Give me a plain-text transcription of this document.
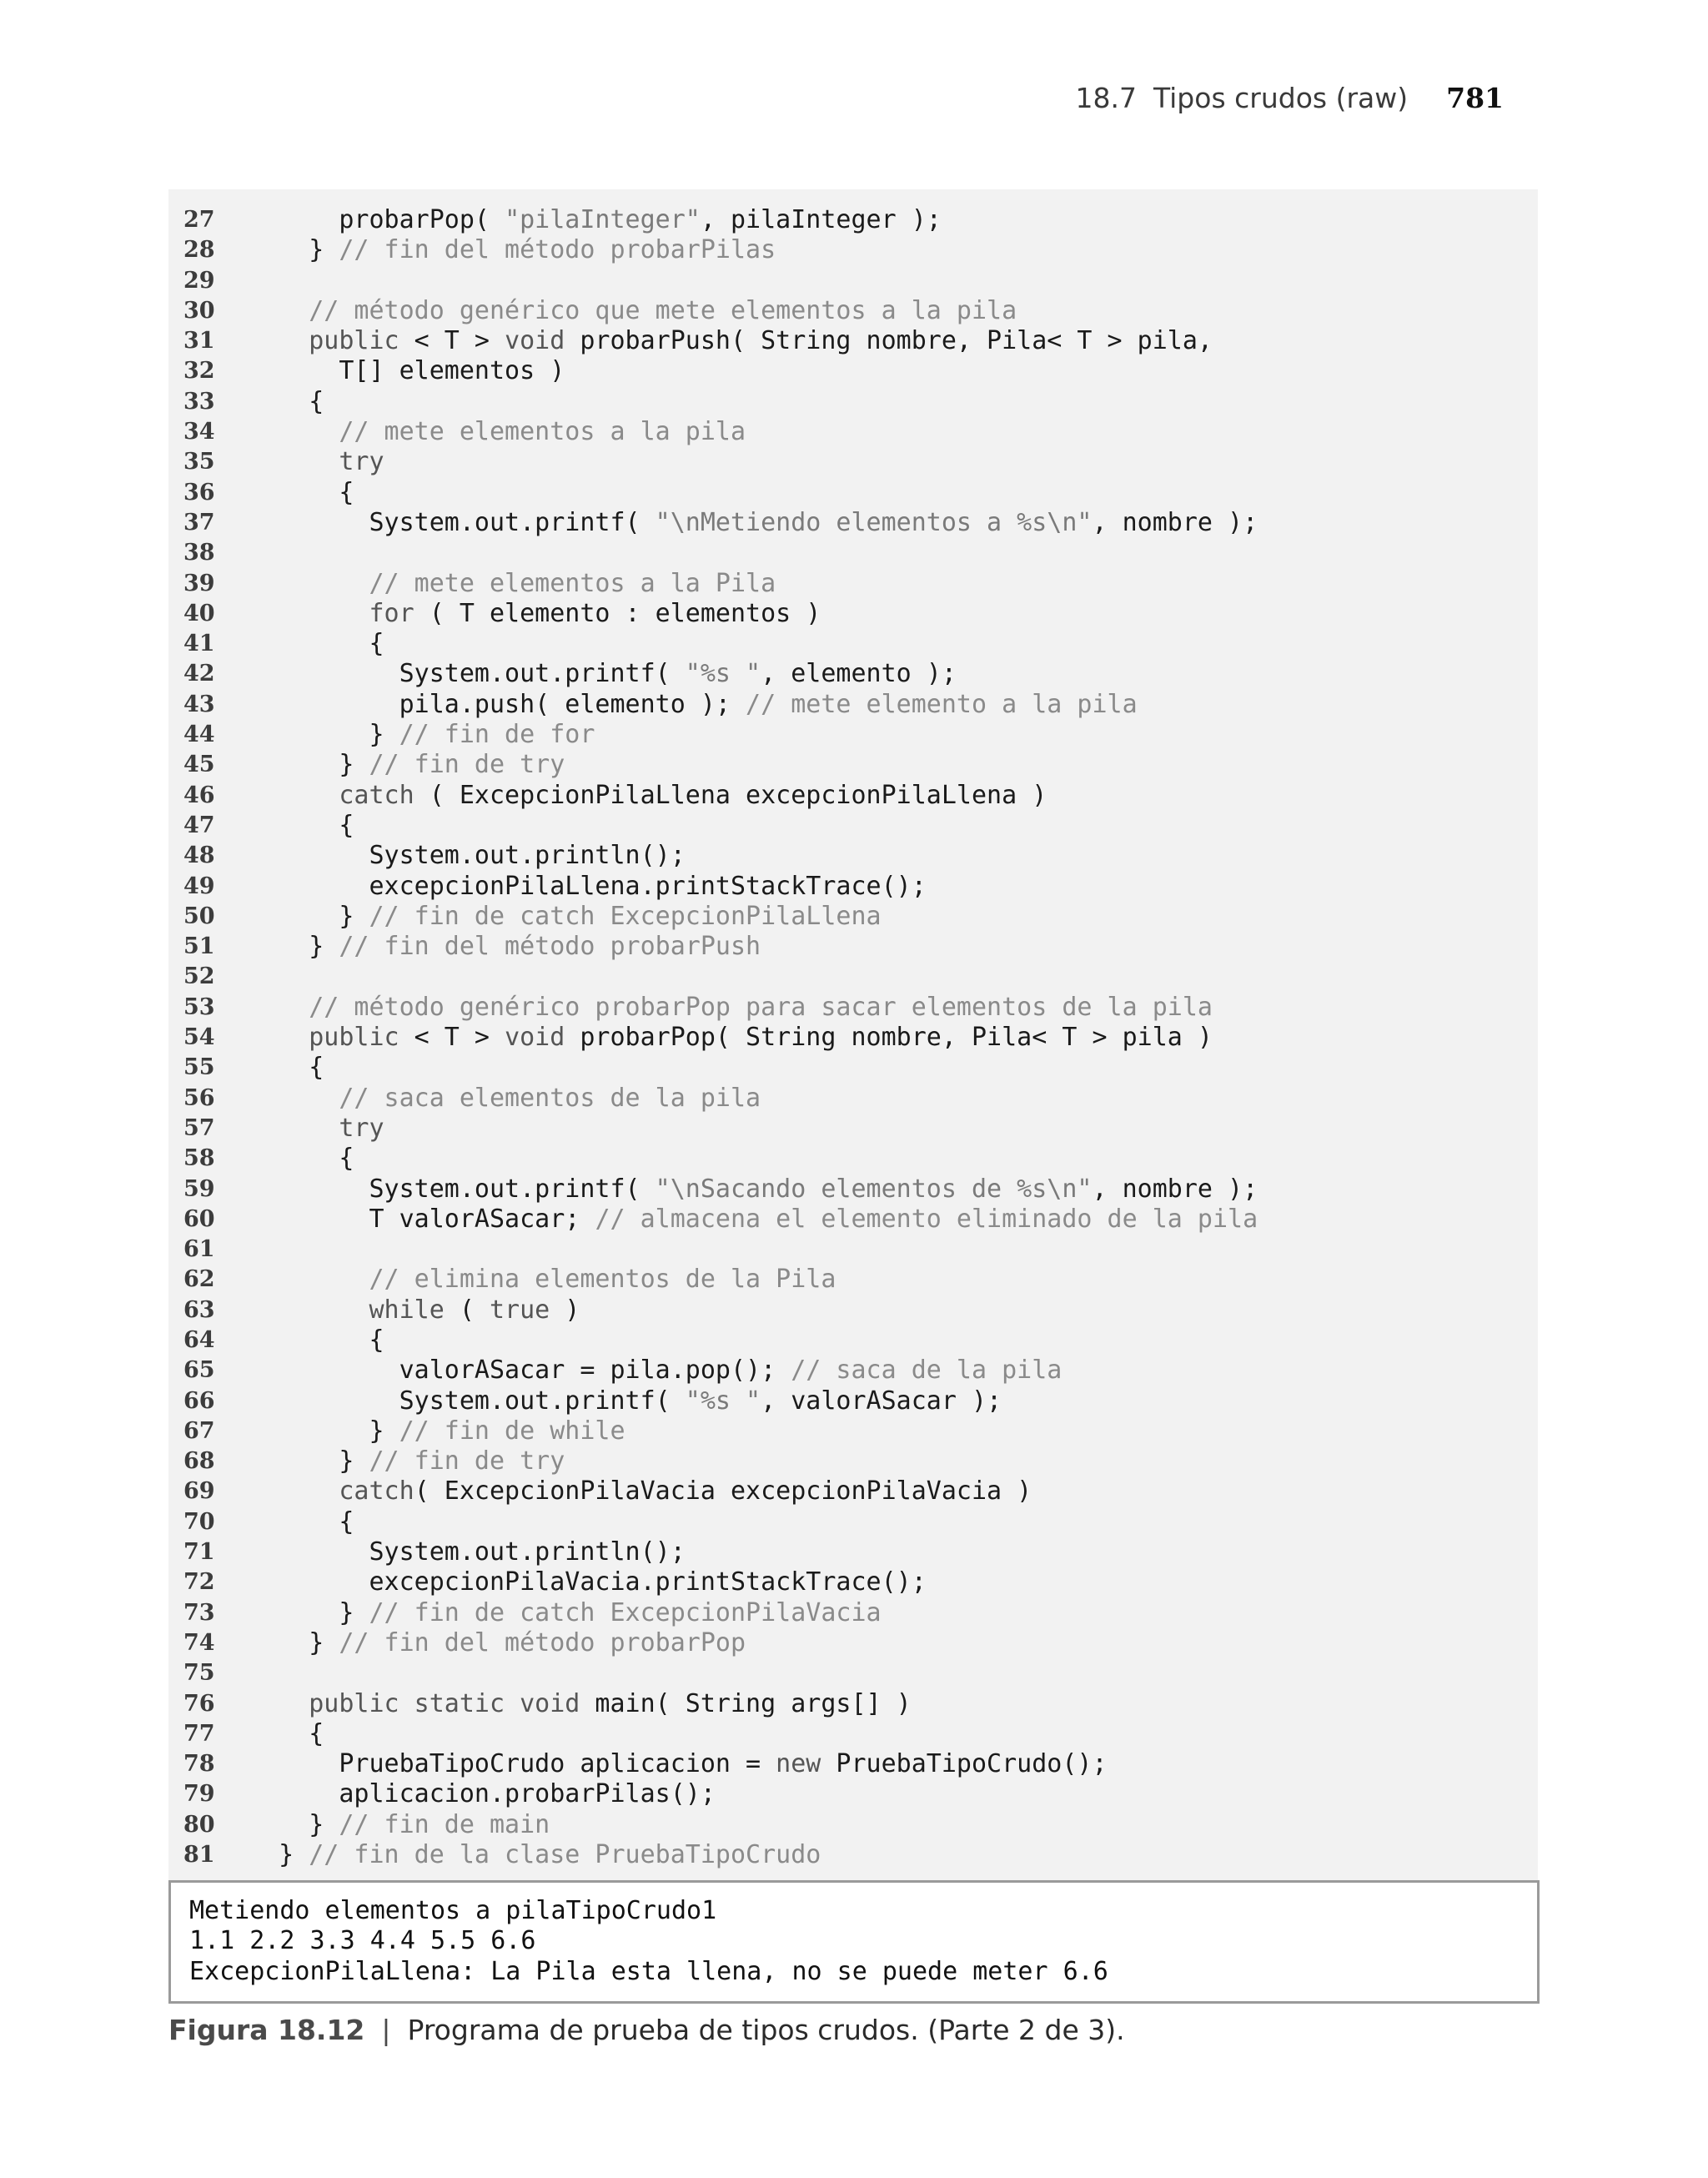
18.7 Tipos crudos (raw) 781
27	probarPop( "pilaInteger", pilaInteger );
28	} // fin del método probarPilas
29
30	// método genérico que mete elementos a la pila
31	public < T > void probarPush( String nombre, Pila< T > pila,
32	T[] elementos )
33	{
34	// mete elementos a la pila
35	try
36	{
37	System.out.printf( "\nMetiendo elementos a %s\n", nombre );
38
39	// mete elementos a la Pila
40	for ( T elemento : elementos )
41	{
42	System.out.printf( "%s ", elemento );
43	pila.push( elemento ); // mete elemento a la pila
44	} // fin de for
45	} // fin de try
46	catch ( ExcepcionPilaLlena excepcionPilaLlena )
47	{
48	System.out.println();
49	excepcionPilaLlena.printStackTrace();
50	} // fin de catch ExcepcionPilaLlena
51	} // fin del método probarPush
52
53	// método genérico probarPop para sacar elementos de la pila
54	public < T > void probarPop( String nombre, Pila< T > pila )
55	{
56	// saca elementos de la pila
57	try
58	{
59	System.out.printf( "\nSacando elementos de %s\n", nombre );
60	T valorASacar; // almacena el elemento eliminado de la pila
61
62	// elimina elementos de la Pila
63	while ( true )
64	{
65	valorASacar = pila.pop(); // saca de la pila
66	System.out.printf( "%s ", valorASacar );
67	} // fin de while
68	} // fin de try
69	catch( ExcepcionPilaVacia excepcionPilaVacia )
70	{
71	System.out.println();
72	excepcionPilaVacia.printStackTrace();
73	} // fin de catch ExcepcionPilaVacia
74	} // fin del método probarPop
75
76	public static void main( String args[] )
77	{
78	PruebaTipoCrudo aplicacion = new PruebaTipoCrudo();
79	aplicacion.probarPilas();
80	} // fin de main
81	} // fin de la clase PruebaTipoCrudo
Metiendo elementos a pilaTipoCrudo1
1.1 2.2 3.3 4.4 5.5 6.6
ExcepcionPilaLlena: La Pila esta llena, no se puede meter 6.6
Figura 18.12 | Programa de prueba de tipos crudos. (Parte 2 de 3).
